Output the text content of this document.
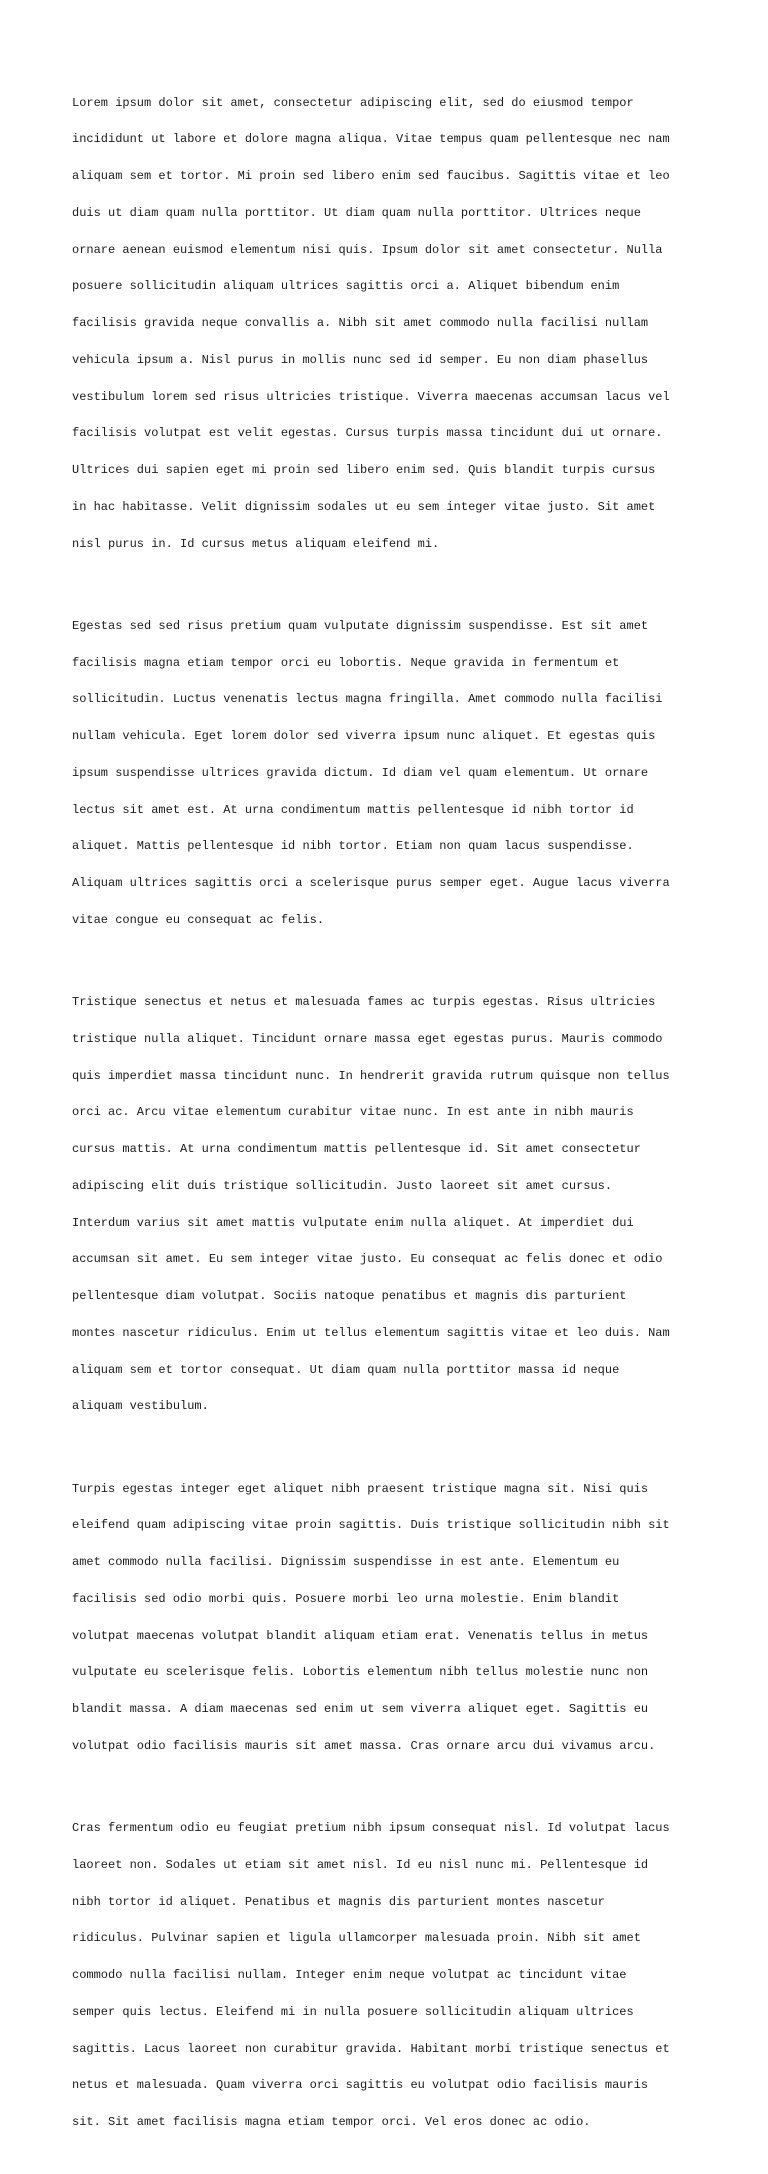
Lorem ipsum dolor sit amet, consectetur adipiscing elit, sed do eiusmod tempor

incididunt ut labore et dolore magna aliqua. Vitae tempus quam pellentesque nec nam

aliquam sem et tortor. Mi proin sed libero enim sed faucibus. Sagittis vitae et leo

duis ut diam quam nulla porttitor. Ut diam quam nulla porttitor. Ultrices neque

ornare aenean euismod elementum nisi quis. Ipsum dolor sit amet consectetur. Nulla

posuere sollicitudin aliquam ultrices sagittis orci a. Aliquet bibendum enim

facilisis gravida neque convallis a. Nibh sit amet commodo nulla facilisi nullam

vehicula ipsum a. Nisl purus in mollis nunc sed id semper. Eu non diam phasellus

vestibulum lorem sed risus ultricies tristique. Viverra maecenas accumsan lacus vel

facilisis volutpat est velit egestas. Cursus turpis massa tincidunt dui ut ornare.

Ultrices dui sapien eget mi proin sed libero enim sed. Quis blandit turpis cursus

in hac habitasse. Velit dignissim sodales ut eu sem integer vitae justo. Sit amet

nisl purus in. Id cursus metus aliquam eleifend mi.

Egestas sed sed risus pretium quam vulputate dignissim suspendisse. Est sit amet

facilisis magna etiam tempor orci eu lobortis. Neque gravida in fermentum et

sollicitudin. Luctus venenatis lectus magna fringilla. Amet commodo nulla facilisi

nullam vehicula. Eget lorem dolor sed viverra ipsum nunc aliquet. Et egestas quis

ipsum suspendisse ultrices gravida dictum. Id diam vel quam elementum. Ut ornare

lectus sit amet est. At urna condimentum mattis pellentesque id nibh tortor id

aliquet. Mattis pellentesque id nibh tortor. Etiam non quam lacus suspendisse.

Aliquam ultrices sagittis orci a scelerisque purus semper eget. Augue lacus viverra

vitae congue eu consequat ac felis.

Tristique senectus et netus et malesuada fames ac turpis egestas. Risus ultricies

tristique nulla aliquet. Tincidunt ornare massa eget egestas purus. Mauris commodo

quis imperdiet massa tincidunt nunc. In hendrerit gravida rutrum quisque non tellus

orci ac. Arcu vitae elementum curabitur vitae nunc. In est ante in nibh mauris

cursus mattis. At urna condimentum mattis pellentesque id. Sit amet consectetur

adipiscing elit duis tristique sollicitudin. Justo laoreet sit amet cursus.

Interdum varius sit amet mattis vulputate enim nulla aliquet. At imperdiet dui

accumsan sit amet. Eu sem integer vitae justo. Eu consequat ac felis donec et odio

pellentesque diam volutpat. Sociis natoque penatibus et magnis dis parturient

montes nascetur ridiculus. Enim ut tellus elementum sagittis vitae et leo duis. Nam

aliquam sem et tortor consequat. Ut diam quam nulla porttitor massa id neque

aliquam vestibulum.

Turpis egestas integer eget aliquet nibh praesent tristique magna sit. Nisi quis

eleifend quam adipiscing vitae proin sagittis. Duis tristique sollicitudin nibh sit

amet commodo nulla facilisi. Dignissim suspendisse in est ante. Elementum eu

facilisis sed odio morbi quis. Posuere morbi leo urna molestie. Enim blandit

volutpat maecenas volutpat blandit aliquam etiam erat. Venenatis tellus in metus

vulputate eu scelerisque felis. Lobortis elementum nibh tellus molestie nunc non

blandit massa. A diam maecenas sed enim ut sem viverra aliquet eget. Sagittis eu

volutpat odio facilisis mauris sit amet massa. Cras ornare arcu dui vivamus arcu.

Cras fermentum odio eu feugiat pretium nibh ipsum consequat nisl. Id volutpat lacus

laoreet non. Sodales ut etiam sit amet nisl. Id eu nisl nunc mi. Pellentesque id

nibh tortor id aliquet. Penatibus et magnis dis parturient montes nascetur

ridiculus. Pulvinar sapien et ligula ullamcorper malesuada proin. Nibh sit amet

commodo nulla facilisi nullam. Integer enim neque volutpat ac tincidunt vitae

semper quis lectus. Eleifend mi in nulla posuere sollicitudin aliquam ultrices

sagittis. Lacus laoreet non curabitur gravida. Habitant morbi tristique senectus et

netus et malesuada. Quam viverra orci sagittis eu volutpat odio facilisis mauris

sit. Sit amet facilisis magna etiam tempor orci. Vel eros donec ac odio.
